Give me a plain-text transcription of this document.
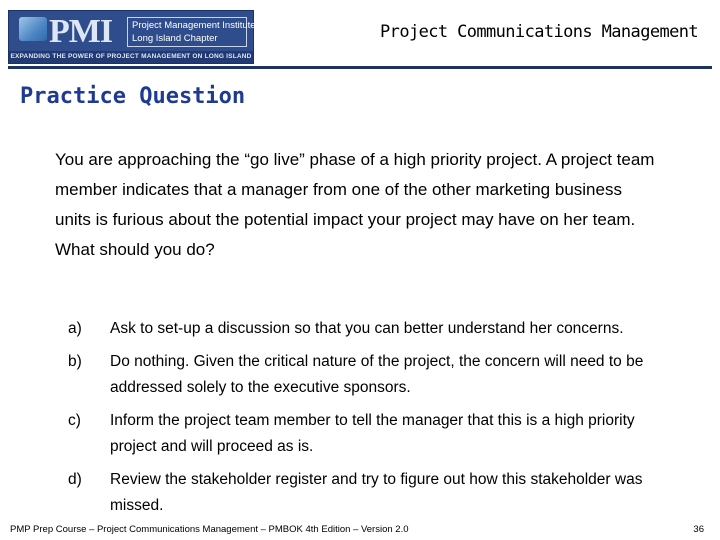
PMI Project Management Institute
Long Island Chapter
EXPANDING THE POWER OF PROJECT MANAGEMENT ON LONG ISLAND
Project Communications Management
Practice Question

You are approaching the “go live” phase of a high priority project. A project team member indicates that a manager from one of the other marketing business units is furious about the potential impact your project may have on her team. What should you do?

a) Ask to set-up a discussion so that you can better understand her concerns.
b) Do nothing. Given the critical nature of the project, the concern will need to be addressed solely to the executive sponsors.
c) Inform the project team member to tell the manager that this is a high priority project and will proceed as is.
d) Review the stakeholder register and try to figure out how this stakeholder was missed.
PMP Prep Course – Project Communications Management – PMBOK 4th Edition – Version 2.0	36
